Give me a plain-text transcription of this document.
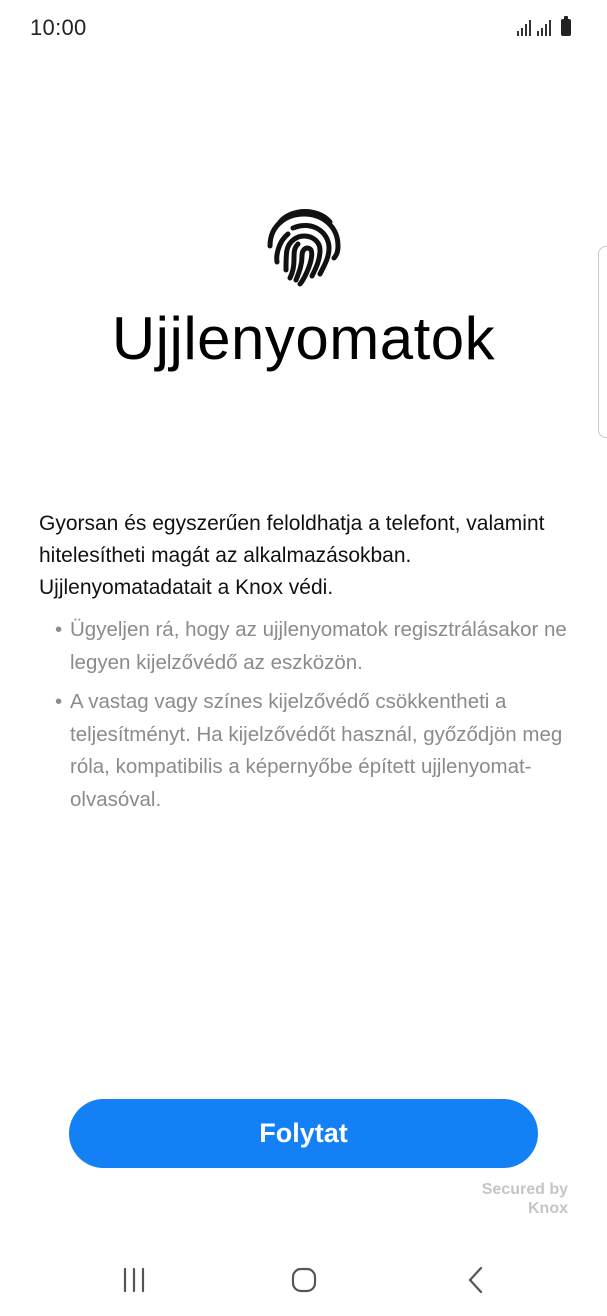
10:00
Ujjlenyomatok
Gyorsan és egyszerűen feloldhatja a telefont, valamint hitelesítheti magát az alkalmazásokban. Ujjlenyomatadatait a Knox védi.
• Ügyeljen rá, hogy az ujjlenyomatok regisztrálásakor ne legyen kijelzővédő az eszközön.
• A vastag vagy színes kijelzővédő csökkentheti a teljesítményt. Ha kijelzővédőt használ, győződjön meg róla, kompatibilis a képernyőbe épített ujjlenyomat-olvasóval.
Folytat
Secured by
Knox
